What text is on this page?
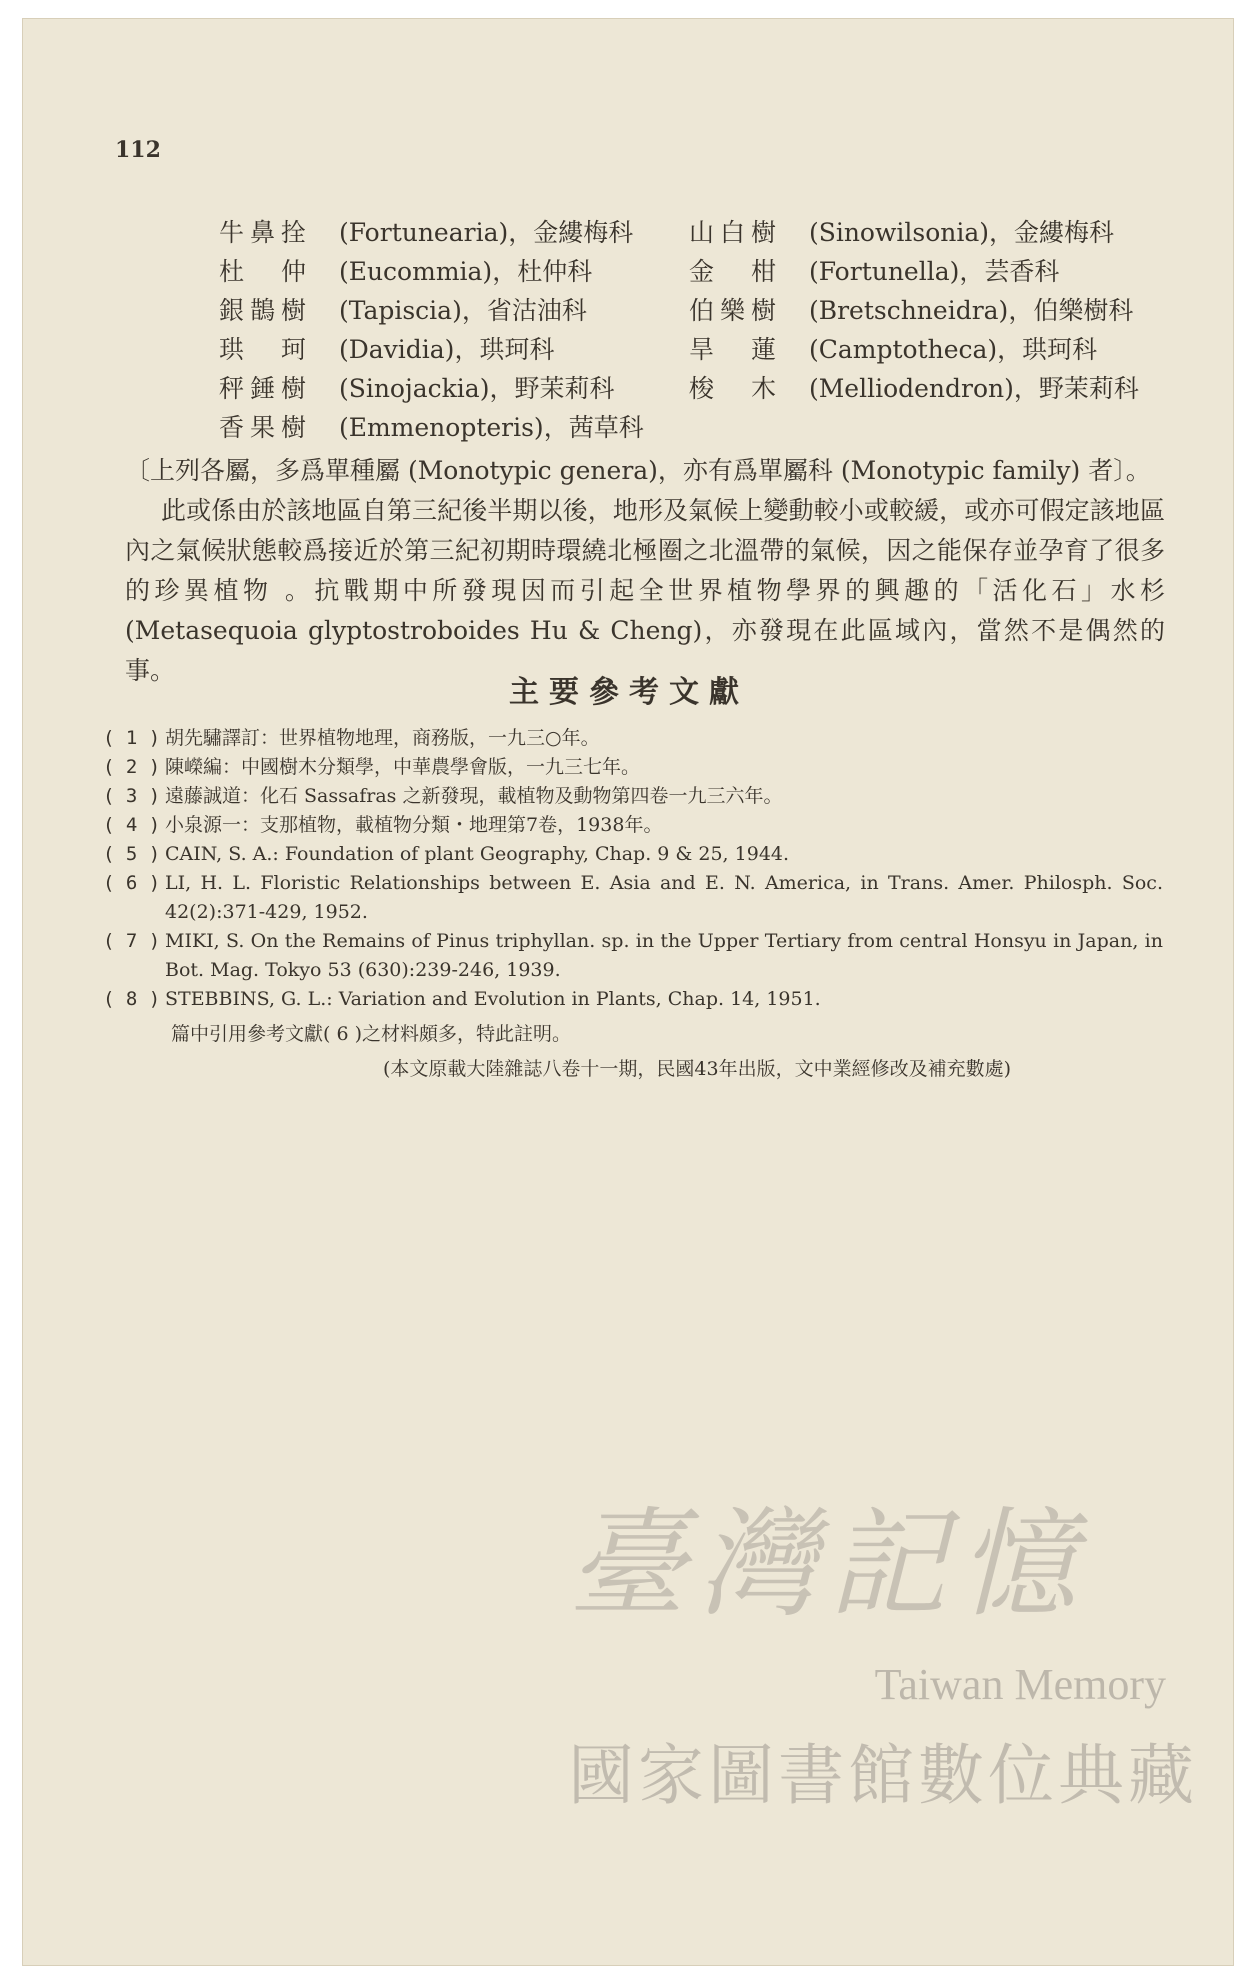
112
牛鼻拴 (Fortunearia)，金縷梅科	山白樹 (Sinowilsonia)，金縷梅科
杜　仲 (Eucommia)，杜仲科	金　柑 (Fortunella)，芸香科
銀鵲樹 (Tapiscia)，省沽油科	伯樂樹 (Bretschneidra)，伯樂樹科
珙　珂 (Davidia)，珙珂科	旱　蓮 (Camptotheca)，珙珂科
秤錘樹 (Sinojackia)，野茉莉科	梭　木 (Melliodendron)，野茉莉科
香果樹 (Emmenopteris)，茜草科

〔上列各屬，多爲單種屬 (Monotypic genera)，亦有爲單屬科 (Monotypic family) 者〕。

此或係由於該地區自第三紀後半期以後，地形及氣候上變動較小或較緩，或亦可假定該地區內之氣候狀態較爲接近於第三紀初期時環繞北極圈之北溫帶的氣候，因之能保存並孕育了很多的珍異植物 。抗戰期中所發現因而引起全世界植物學界的興趣的「活化石」水杉 (Metasequoia glyptostroboides Hu & Cheng)，亦發現在此區域內，當然不是偶然的事。

主要參考文獻
( 1 ) 胡先驌譯訂：世界植物地理，商務版，一九三○年。
( 2 ) 陳嶸編：中國樹木分類學，中華農學會版，一九三七年。
( 3 ) 遠藤誠道：化石 Sassafras 之新發現，載植物及動物第四卷一九三六年。
( 4 ) 小泉源一：支那植物，載植物分類・地理第7卷，1938年。
( 5 ) CAIN, S. A.: Foundation of plant Geography, Chap. 9 & 25, 1944.
( 6 ) LI, H. L. Floristic Relationships between E. Asia and E. N. America, in Trans. Amer. Philosph. Soc. 42(2):371-429, 1952.
( 7 ) MIKI, S. On the Remains of Pinus triphyllan. sp. in the Upper Tertiary from central Honsyu in Japan, in Bot. Mag. Tokyo 53 (630):239-246, 1939.
( 8 ) STEBBINS, G. L.: Variation and Evolution in Plants, Chap. 14, 1951.
篇中引用參考文獻( 6 )之材料頗多，特此註明。
(本文原載大陸雜誌八卷十一期，民國43年出版，文中業經修改及補充數處)
臺灣記憶
Taiwan Memory
國家圖書館數位典藏
